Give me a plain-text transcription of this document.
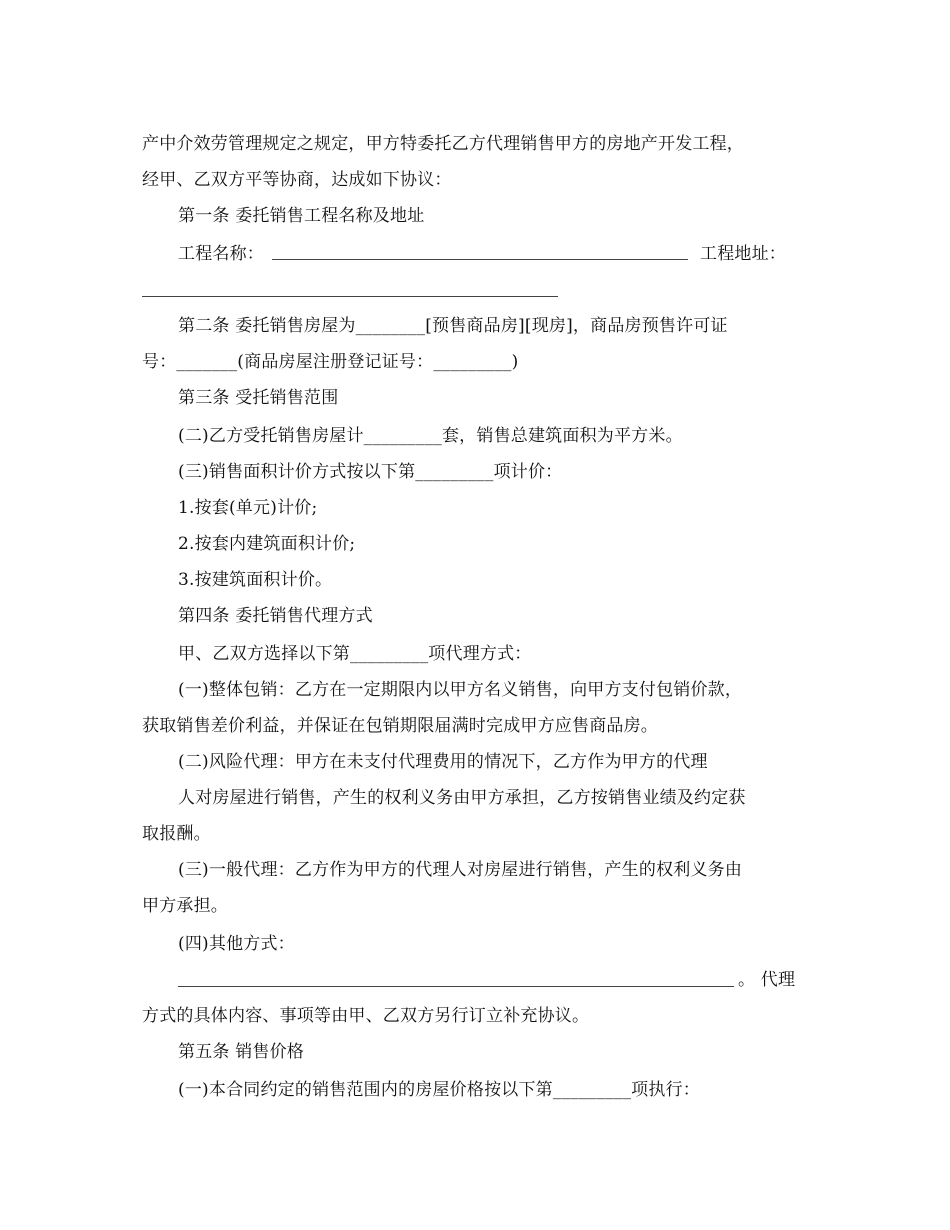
产中介效劳管理规定之规定，甲方特委托乙方代理销售甲方的房地产开发工程，
经甲、乙双方平等协商，达成如下协议：
第一条 委托销售工程名称及地址
工程名称：	工程地址：
第二条 委托销售房屋为________[预售商品房][现房]，商品房预售许可证
号：_______(商品房屋注册登记证号：_________)
第三条 受托销售范围
(二)乙方受托销售房屋计_________套，销售总建筑面积为平方米。
(三)销售面积计价方式按以下第_________项计价：
1.按套(单元)计价;
2.按套内建筑面积计价;
3.按建筑面积计价。
第四条 委托销售代理方式
甲、乙双方选择以下第_________项代理方式：
(一)整体包销：乙方在一定期限内以甲方名义销售，向甲方支付包销价款，
获取销售差价利益，并保证在包销期限届满时完成甲方应售商品房。
(二)风险代理：甲方在未支付代理费用的情况下，乙方作为甲方的代理
人对房屋进行销售，产生的权利义务由甲方承担，乙方按销售业绩及约定获
取报酬。
(三)一般代理：乙方作为甲方的代理人对房屋进行销售，产生的权利义务由
甲方承担。
(四)其他方式：
。 代理
方式的具体内容、事项等由甲、乙双方另行订立补充协议。
第五条 销售价格
(一)本合同约定的销售范围内的房屋价格按以下第_________项执行：
